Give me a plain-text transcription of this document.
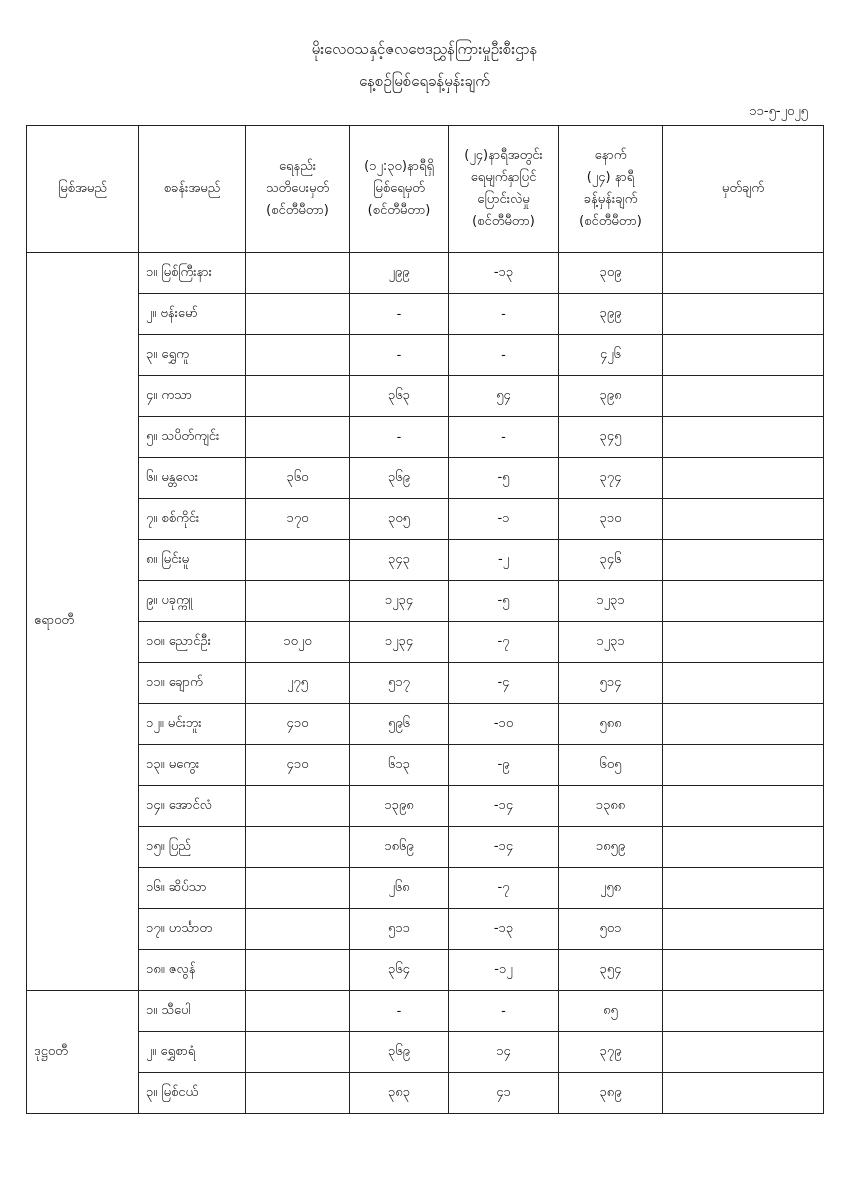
မိုးလေဝသနှင့်ဇလဗေဒညွှန်ကြားမှုဦးစီးဌာန
နေ့စဉ်မြစ်ရေခန့်မှန်းချက်
၁၁-၅-၂၀၂၅
မြစ်အမည်	စခန်းအမည်	ရေနည်း
သတိပေးမှတ်
(စင်တီမီတာ)	(၁၂:၃၀)နာရီရှိ
မြစ်ရေမှတ်
(စင်တီမီတာ)	(၂၄)နာရီအတွင်း
ရေမျက်နှာပြင်
ပြောင်းလဲမှု
(စင်တီမီတာ)	နောက်
(၂၄) နာရီ
ခန့်မှန်းချက်
(စင်တီမီတာ)	မှတ်ချက်
ဧရာဝတီ	၁။ မြစ်ကြီးနား		၂၉၉	-၁၃	၃၀၉	
	၂။ ဗန်းမော်		-	-	၃၉၉	
	၃။ ရွှေကူ		-	-	၄၂၆	
	၄။ ကသာ		၃၆၃	၅၄	၃၉၈	
	၅။ သပိတ်ကျင်း		-	-	၃၄၅	
	၆။ မန္တလေး	၃၆၀	၃၆၉	-၅	၃၇၄	
	၇။ စစ်ကိုင်း	၁၇၀	၃၀၅	-၁	၃၁၀	
	၈။ မြင်းမူ		၃၄၃	-၂	၃၄၆	
	၉။ ပခုက္ကူ		၁၂၃၄	-၅	၁၂၃၁	
	၁၀။ ညောင်ဦး	၁၀၂၀	၁၂၃၄	-၇	၁၂၃၁	
	၁၁။ ချောက်	၂၇၅	၅၁၇	-၄	၅၁၄	
	၁၂။ မင်းဘူး	၄၁၀	၅၉၆	-၁၀	၅၈၈	
	၁၃။ မကွေး	၄၁၀	၆၁၃	-၉	၆၀၅	
	၁၄။ အောင်လံ		၁၃၉၈	-၁၄	၁၃၈၈	
	၁၅။ ပြည်		၁၈၆၉	-၁၄	၁၈၅၉	
	၁၆။ ဆိပ်သာ		၂၆၈	-၇	၂၅၈	
	၁၇။ ဟင်္သာတ		၅၁၁	-၁၃	၅၀၁	
	၁၈။ ဇလွန်		၃၆၄	-၁၂	၃၅၄	
ဒုဋ္ဌဝတီ	၁။ သီပေါ		-	-	၈၅	
	၂။ ရွှေစာရံ		၃၆၉	၁၄	၃၇၉	
	၃။ မြစ်ငယ်		၃၈၃	၄၁	၃၈၉	
